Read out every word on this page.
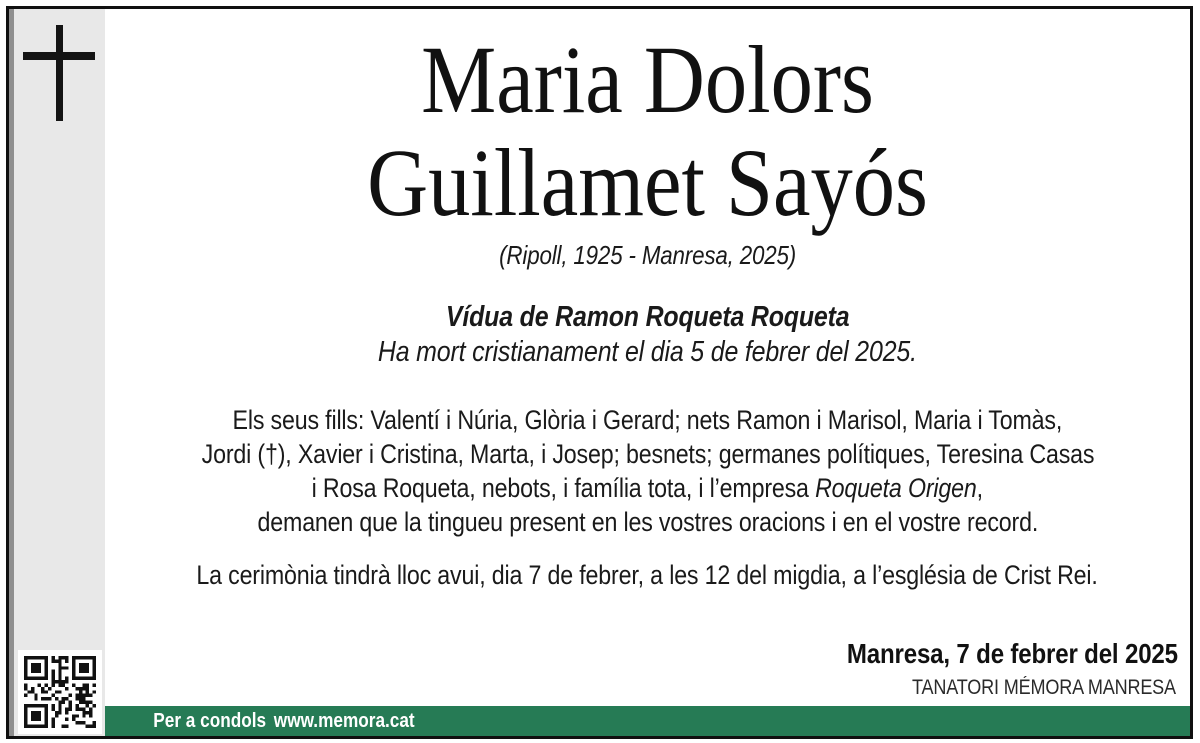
Maria Dolors
Guillamet Sayós
(Ripoll, 1925 - Manresa, 2025)
Vídua de Ramon Roqueta Roqueta
Ha mort cristianament el dia 5 de febrer del 2025.
Els seus fills: Valentí i Núria, Glòria i Gerard; nets Ramon i Marisol, Maria i Tomàs,
Jordi (†), Xavier i Cristina, Marta, i Josep; besnets; germanes polítiques, Teresina Casas
i Rosa Roqueta, nebots, i família tota, i l’empresa Roqueta Origen,
demanen que la tingueu present en les vostres oracions i en el vostre record.
La cerimònia tindrà lloc avui, dia 7 de febrer, a les 12 del migdia, a l’església de Crist Rei.
Manresa, 7 de febrer del 2025
TANATORI MÉMORA MANRESA
Per a condols www.memora.cat
